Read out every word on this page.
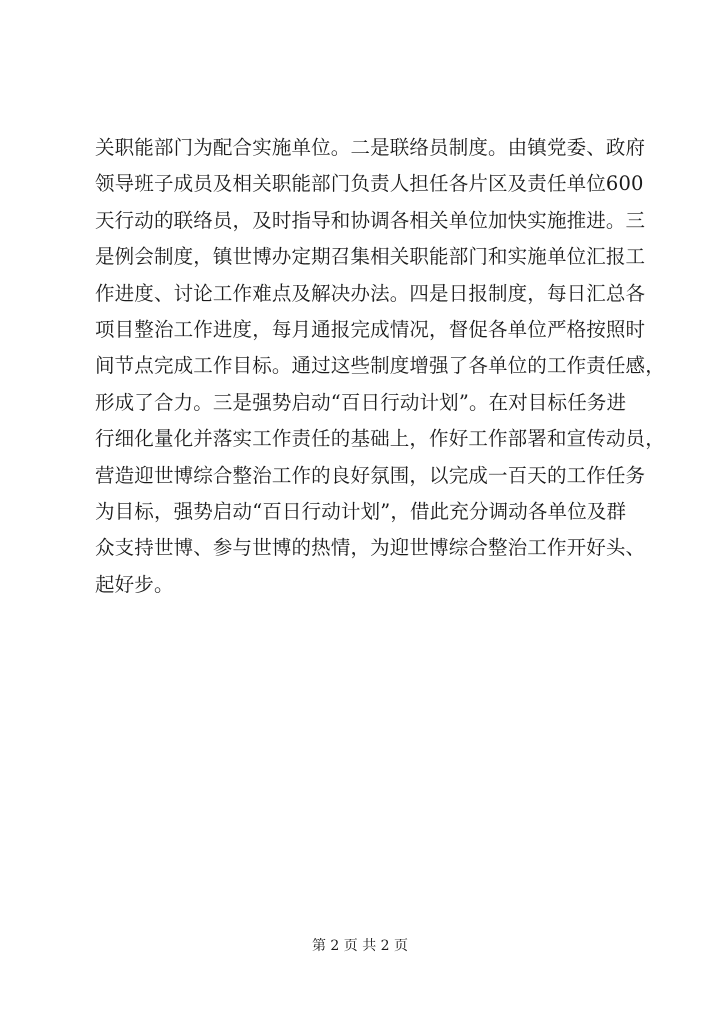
关职能部门为配合实施单位。二是联络员制度。由镇党委、政府
领导班子成员及相关职能部门负责人担任各片区及责任单位600
天行动的联络员，及时指导和协调各相关单位加快实施推进。三
是例会制度，镇世博办定期召集相关职能部门和实施单位汇报工
作进度、讨论工作难点及解决办法。四是日报制度，每日汇总各
项目整治工作进度，每月通报完成情况，督促各单位严格按照时
间节点完成工作目标。通过这些制度增强了各单位的工作责任感，
形成了合力。三是强势启动“百日行动计划”。在对目标任务进
行细化量化并落实工作责任的基础上，作好工作部署和宣传动员，
营造迎世博综合整治工作的良好氛围，以完成一百天的工作任务
为目标，强势启动“百日行动计划”，借此充分调动各单位及群
众支持世博、参与世博的热情，为迎世博综合整治工作开好头、
起好步。
第 2 页 共 2 页
